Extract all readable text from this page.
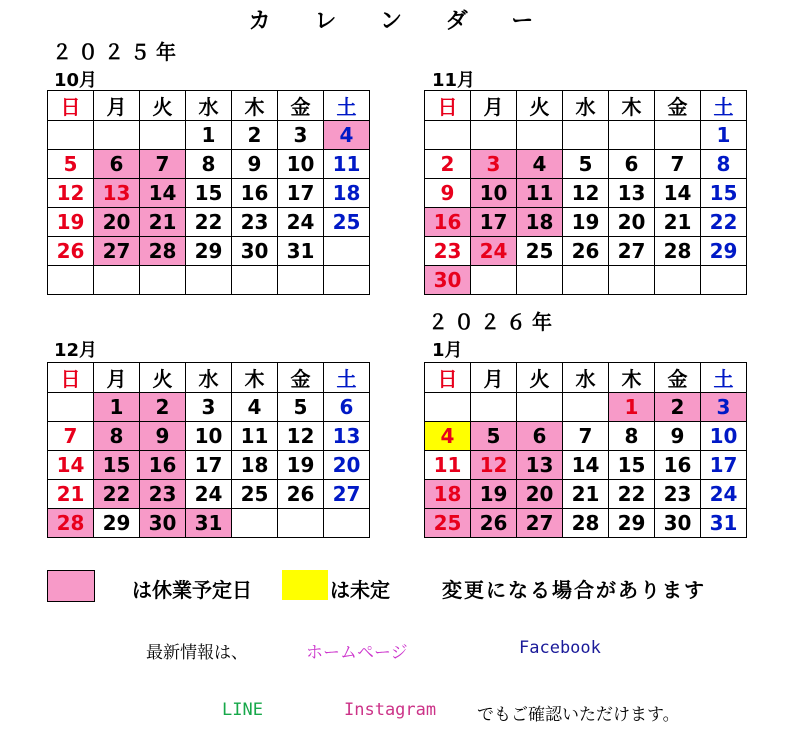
カ レ ン ダ ー
２０２５年
２０２６年
10月	11月
12月	1月
日	月	火	水	木	金	土
			1	2	3	4
5	6	7	8	9	10	11
12	13	14	15	16	17	18
19	20	21	22	23	24	25
26	27	28	29	30	31	

日	月	火	水	木	金	土
						1
2	3	4	5	6	7	8
9	10	11	12	13	14	15
16	17	18	19	20	21	22
23	24	25	26	27	28	29
30						
日	月	火	水	木	金	土
	1	2	3	4	5	6
7	8	9	10	11	12	13
14	15	16	17	18	19	20
21	22	23	24	25	26	27
28	29	30	31			
日	月	火	水	木	金	土
				1	2	3
4	5	6	7	8	9	10
11	12	13	14	15	16	17
18	19	20	21	22	23	24
25	26	27	28	29	30	31
は休業予定日	は未定	変更になる場合があります
最新情報は、	ホームページ	Facebook
LINE	Instagram でもご確認いただけます。
